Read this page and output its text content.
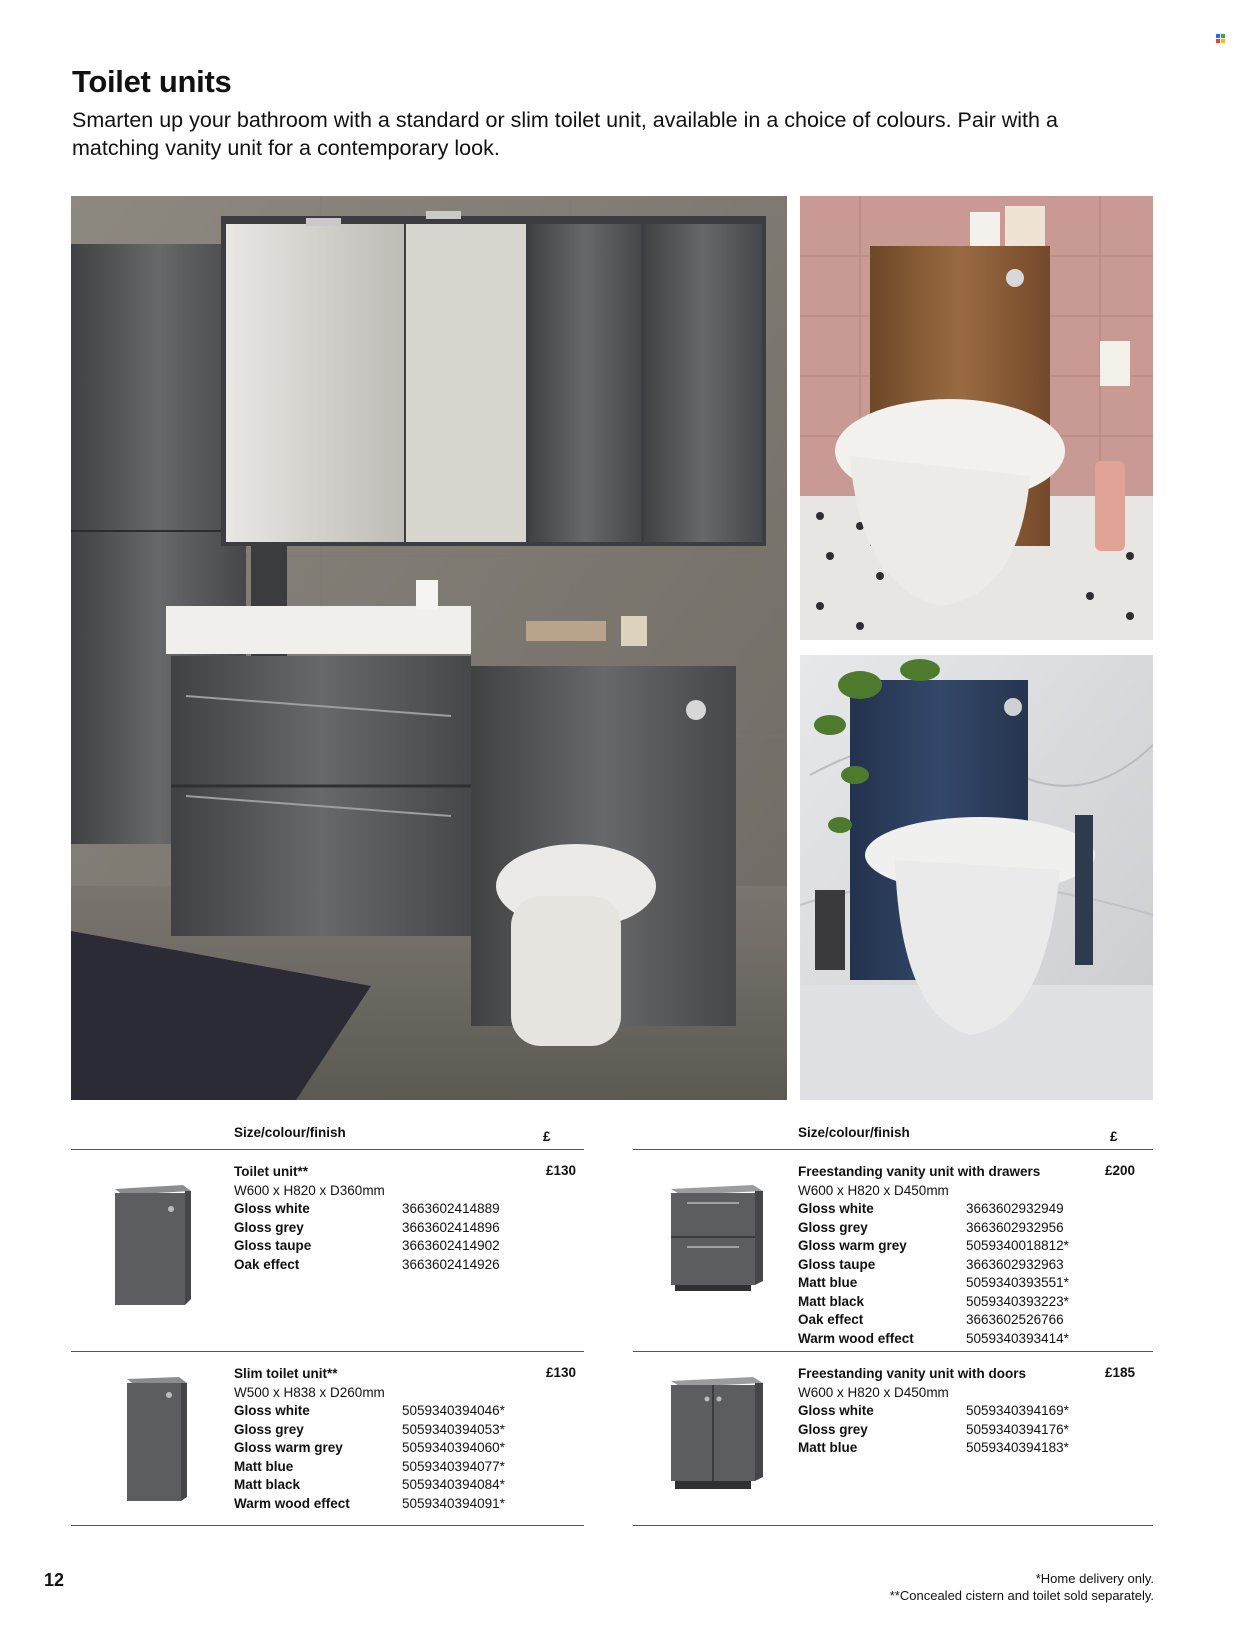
Toilet units

Smarten up your bathroom with a standard or slim toilet unit, available in a choice of colours. Pair with a matching vanity unit for a contemporary look.

Size/colour/finish	£
Toilet unit**	£130
W600 x H820 x D360mm
Gloss white	3663602414889
Gloss grey	3663602414896
Gloss taupe	3663602414902
Oak effect	3663602414926
Slim toilet unit**	£130
W500 x H838 x D260mm
Gloss white	5059340394046*
Gloss grey	5059340394053*
Gloss warm grey	5059340394060*
Matt blue	5059340394077*
Matt black	5059340394084*
Warm wood effect	5059340394091*
Size/colour/finish	£
Freestanding vanity unit with drawers	£200
W600 x H820 x D450mm
Gloss white	3663602932949
Gloss grey	3663602932956
Gloss warm grey	5059340018812*
Gloss taupe	3663602932963
Matt blue	5059340393551*
Matt black	5059340393223*
Oak effect	3663602526766
Warm wood effect	5059340393414*
Freestanding vanity unit with doors	£185
W600 x H820 x D450mm
Gloss white	5059340394169*
Gloss grey	5059340394176*
Matt blue	5059340394183*
12	*Home delivery only.
**Concealed cistern and toilet sold separately.
